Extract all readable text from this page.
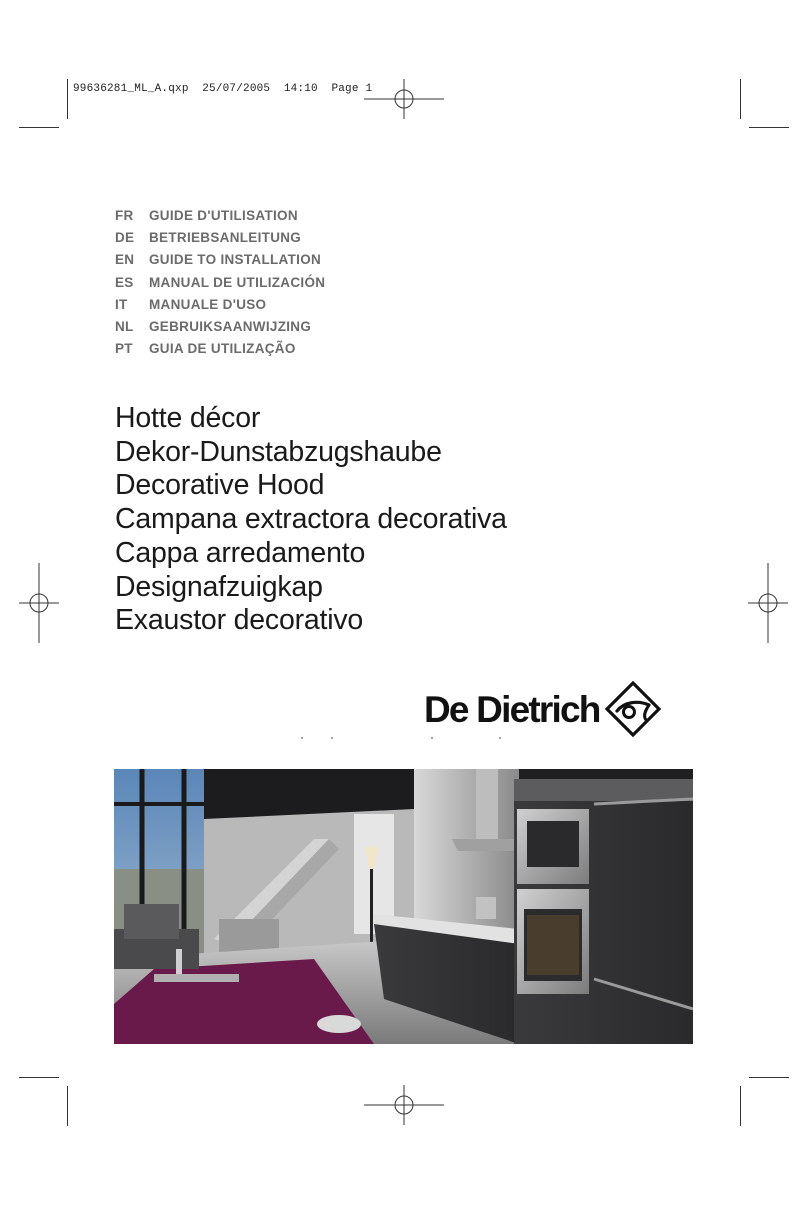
99636281_ML_A.qxp  25/07/2005  14:10  Page 1
FR	GUIDE D'UTILISATION
DE	BETRIEBSANLEITUNG
EN	GUIDE TO INSTALLATION
ES	MANUAL DE UTILIZACIÓN
IT	MANUALE D'USO
NL	GEBRUIKSAANWIJZING
PT	GUIA DE UTILIZAÇÃO
Hotte décor
Dekor-Dunstabzugshaube
Decorative Hood
Campana extractora decorativa
Cappa arredamento
Designafzuigkap
Exaustor decorativo
De Dietrich
